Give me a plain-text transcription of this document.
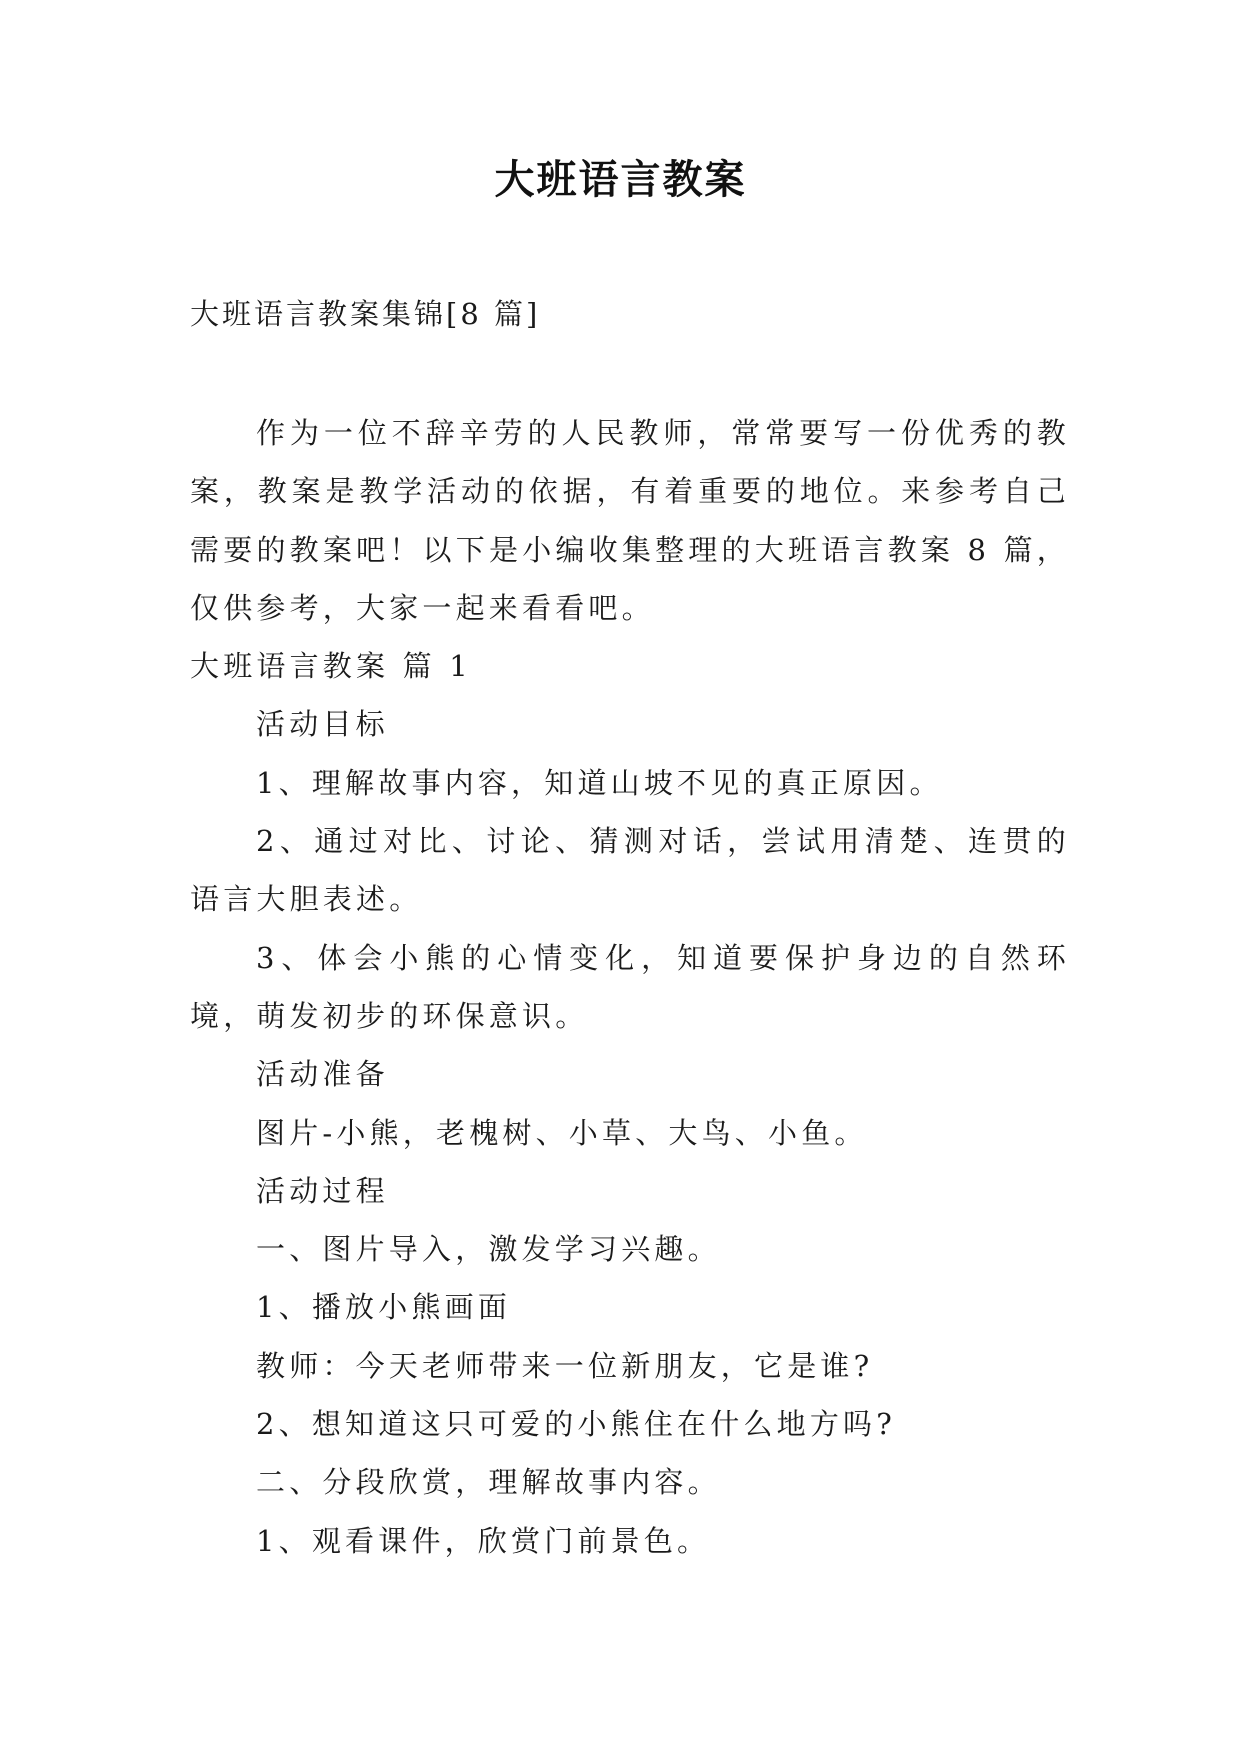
大班语言教案
大班语言教案集锦[8 篇]

作为一位不辞辛劳的人民教师，常常要写一份优秀的教案，教案是教学活动的依据，有着重要的地位。来参考自己需要的教案吧！以下是小编收集整理的大班语言教案 8 篇，仅供参考，大家一起来看看吧。

大班语言教案 篇 1

活动目标

1、理解故事内容，知道山坡不见的真正原因。

2、通过对比、讨论、猜测对话，尝试用清楚、连贯的语言大胆表述。

3、体会小熊的心情变化，知道要保护身边的自然环境，萌发初步的环保意识。

活动准备

图片-小熊，老槐树、小草、大鸟、小鱼。

活动过程

一、图片导入，激发学习兴趣。

1、播放小熊画面

教师：今天老师带来一位新朋友，它是谁?

2、想知道这只可爱的小熊住在什么地方吗?

二、分段欣赏，理解故事内容。

1、观看课件，欣赏门前景色。
